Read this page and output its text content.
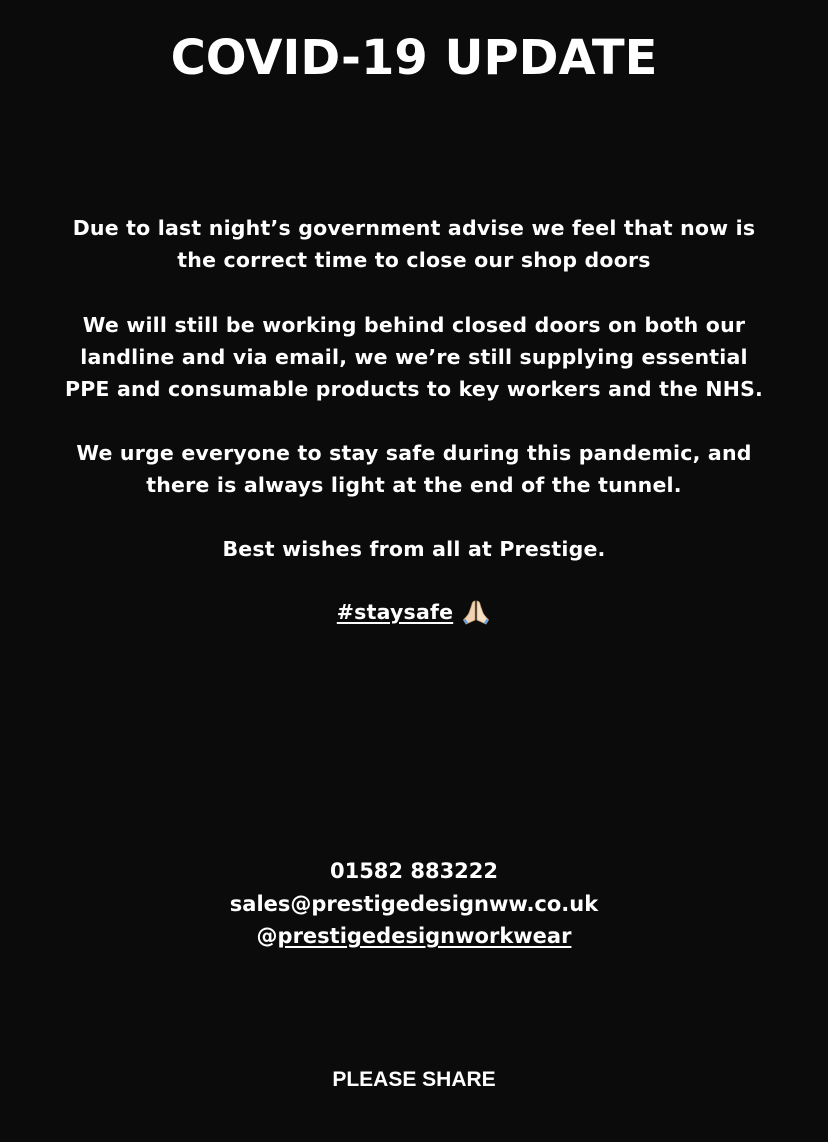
COVID-19 UPDATE

Due to last night’s government advise we feel that now is

the correct time to close our shop doors

We will still be working behind closed doors on both our

landline and via email, we we’re still supplying essential

PPE and consumable products to key workers and the NHS.

We urge everyone to stay safe during this pandemic, and

there is always light at the end of the tunnel.

Best wishes from all at Prestige.

#staysafe
01582 883222
sales@prestigedesignww.co.uk
@prestigedesignworkwear
PLEASE SHARE
